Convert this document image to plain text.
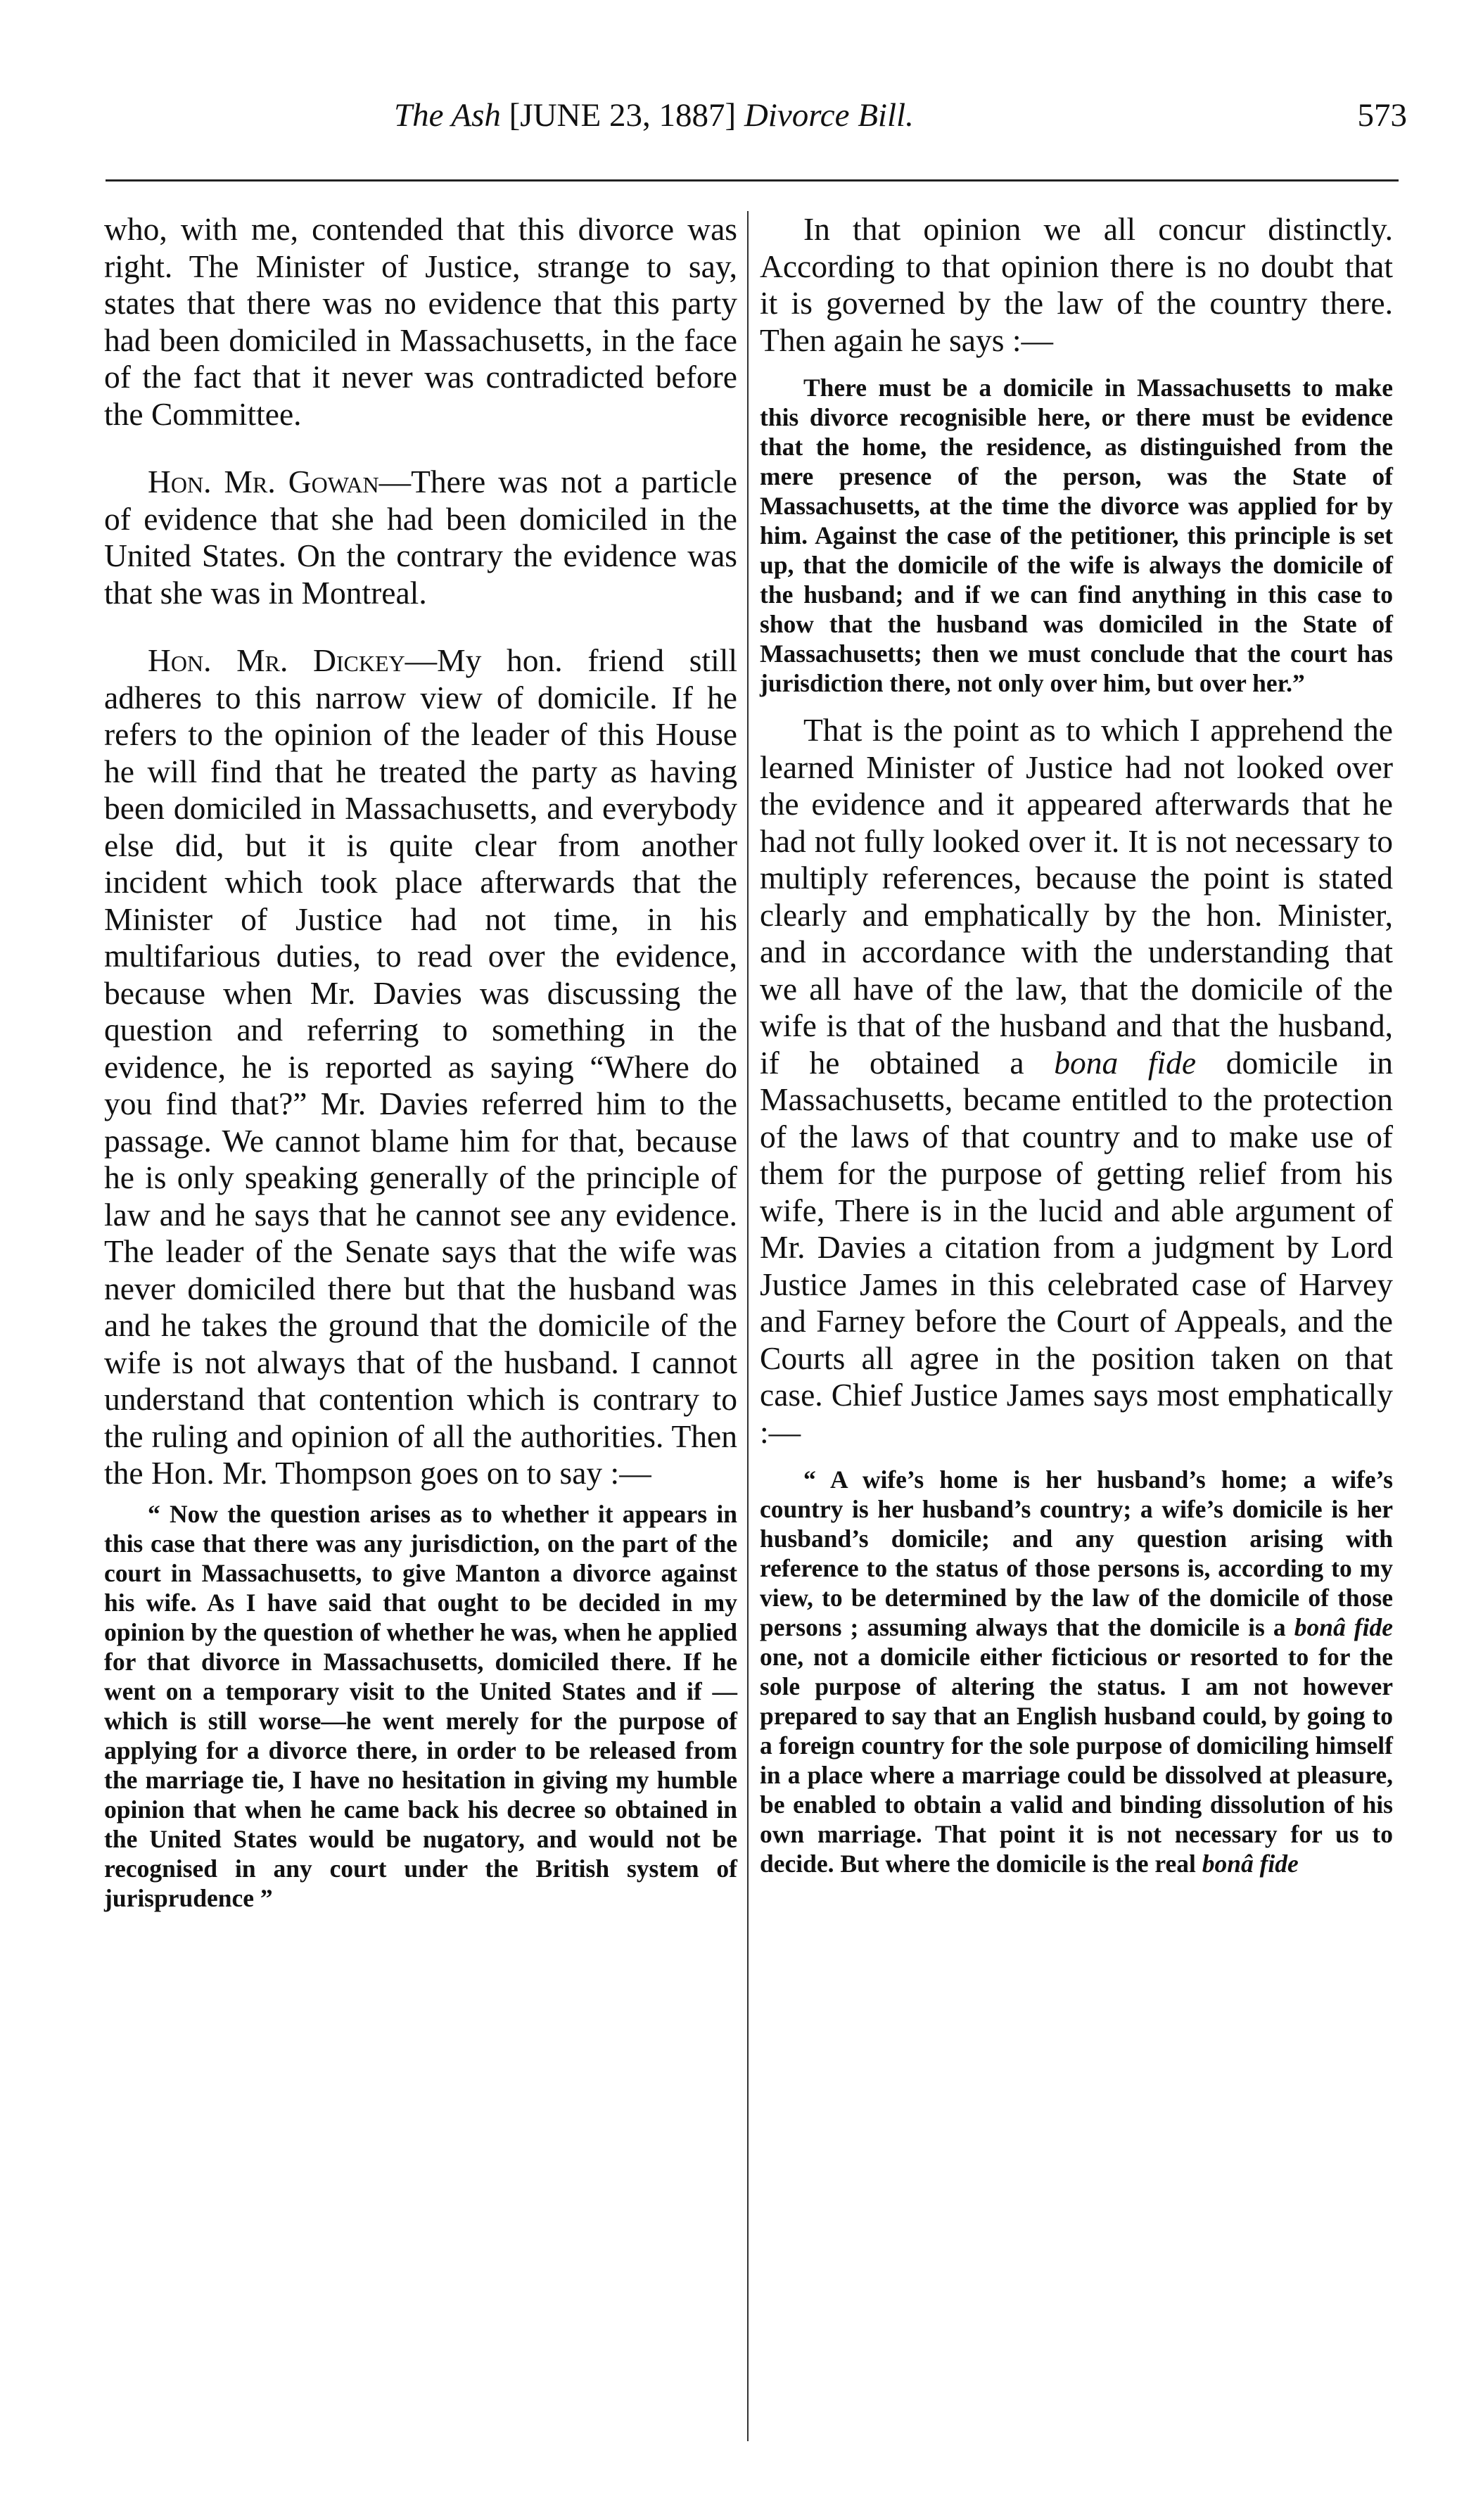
The Ash [JUNE 23, 1887] Divorce Bill.	573

who, with me, contended that this divorce was right. The Minister of Justice, strange to say, states that there was no evidence that this party had been domiciled in Massachusetts, in the face of the fact that it never was contradicted before the Committee.

Hon. Mr. Gowan—There was not a particle of evidence that she had been domiciled in the United States. On the contrary the evidence was that she was in Montreal.

Hon. Mr. Dickey—My hon. friend still adheres to this narrow view of domicile. If he refers to the opinion of the leader of this House he will find that he treated the party as having been domiciled in Massachusetts, and everybody else did, but it is quite clear from another incident which took place afterwards that the Minister of Justice had not time, in his multifarious duties, to read over the evidence, because when Mr. Davies was discussing the question and referring to something in the evidence, he is reported as saying “Where do you find that?” Mr. Davies referred him to the passage. We cannot blame him for that, because he is only speaking generally of the principle of law and he says that he cannot see any evidence. The leader of the Senate says that the wife was never domiciled there but that the husband was and he takes the ground that the domicile of the wife is not always that of the husband. I cannot understand that contention which is contrary to the ruling and opinion of all the authorities. Then the Hon. Mr. Thompson goes on to say :—

“ Now the question arises as to whether it appears in this case that there was any jurisdiction, on the part of the court in Massachusetts, to give Manton a divorce against his wife. As I have said that ought to be decided in my opinion by the question of whether he was, when he applied for that divorce in Massachusetts, domiciled there. If he went on a temporary visit to the United States and if —which is still worse—he went merely for the purpose of applying for a divorce there, in order to be released from the marriage tie, I have no hesitation in giving my humble opinion that when he came back his decree so obtained in the United States would be nugatory, and would not be recognised in any court under the British system of jurisprudence ”

In that opinion we all concur distinctly. According to that opinion there is no doubt that it is governed by the law of the country there. Then again he says :—

There must be a domicile in Massachusetts to make this divorce recognisible here, or there must be evidence that the home, the residence, as distinguished from the mere presence of the person, was the State of Massachusetts, at the time the divorce was applied for by him. Against the case of the petitioner, this principle is set up, that the domicile of the wife is always the domicile of the husband; and if we can find anything in this case to show that the husband was domiciled in the State of Massachusetts; then we must conclude that the court has jurisdiction there, not only over him, but over her.”

That is the point as to which I apprehend the learned Minister of Justice had not looked over the evidence and it appeared afterwards that he had not fully looked over it. It is not necessary to multiply references, because the point is stated clearly and emphatically by the hon. Minister, and in accordance with the understanding that we all have of the law, that the domicile of the wife is that of the husband and that the husband, if he obtained a bona fide domicile in Massachusetts, became entitled to the protection of the laws of that country and to make use of them for the purpose of getting relief from his wife, There is in the lucid and able argument of Mr. Davies a citation from a judgment by Lord Justice James in this celebrated case of Harvey and Farney before the Court of Appeals, and the Courts all agree in the position taken on that case. Chief Justice James says most emphatically :—

“ A wife’s home is her husband’s home; a wife’s country is her husband’s country; a wife’s domicile is her husband’s domicile; and any question arising with reference to the status of those persons is, according to my view, to be determined by the law of the domicile of those persons ; assuming always that the domicile is a bonâ fide one, not a domicile either ficticious or resorted to for the sole purpose of altering the status. I am not however prepared to say that an English husband could, by going to a foreign country for the sole purpose of domiciling himself in a place where a marriage could be dissolved at pleasure, be enabled to obtain a valid and binding dissolution of his own marriage. That point it is not necessary for us to decide. But where the domicile is the real bonâ fide
